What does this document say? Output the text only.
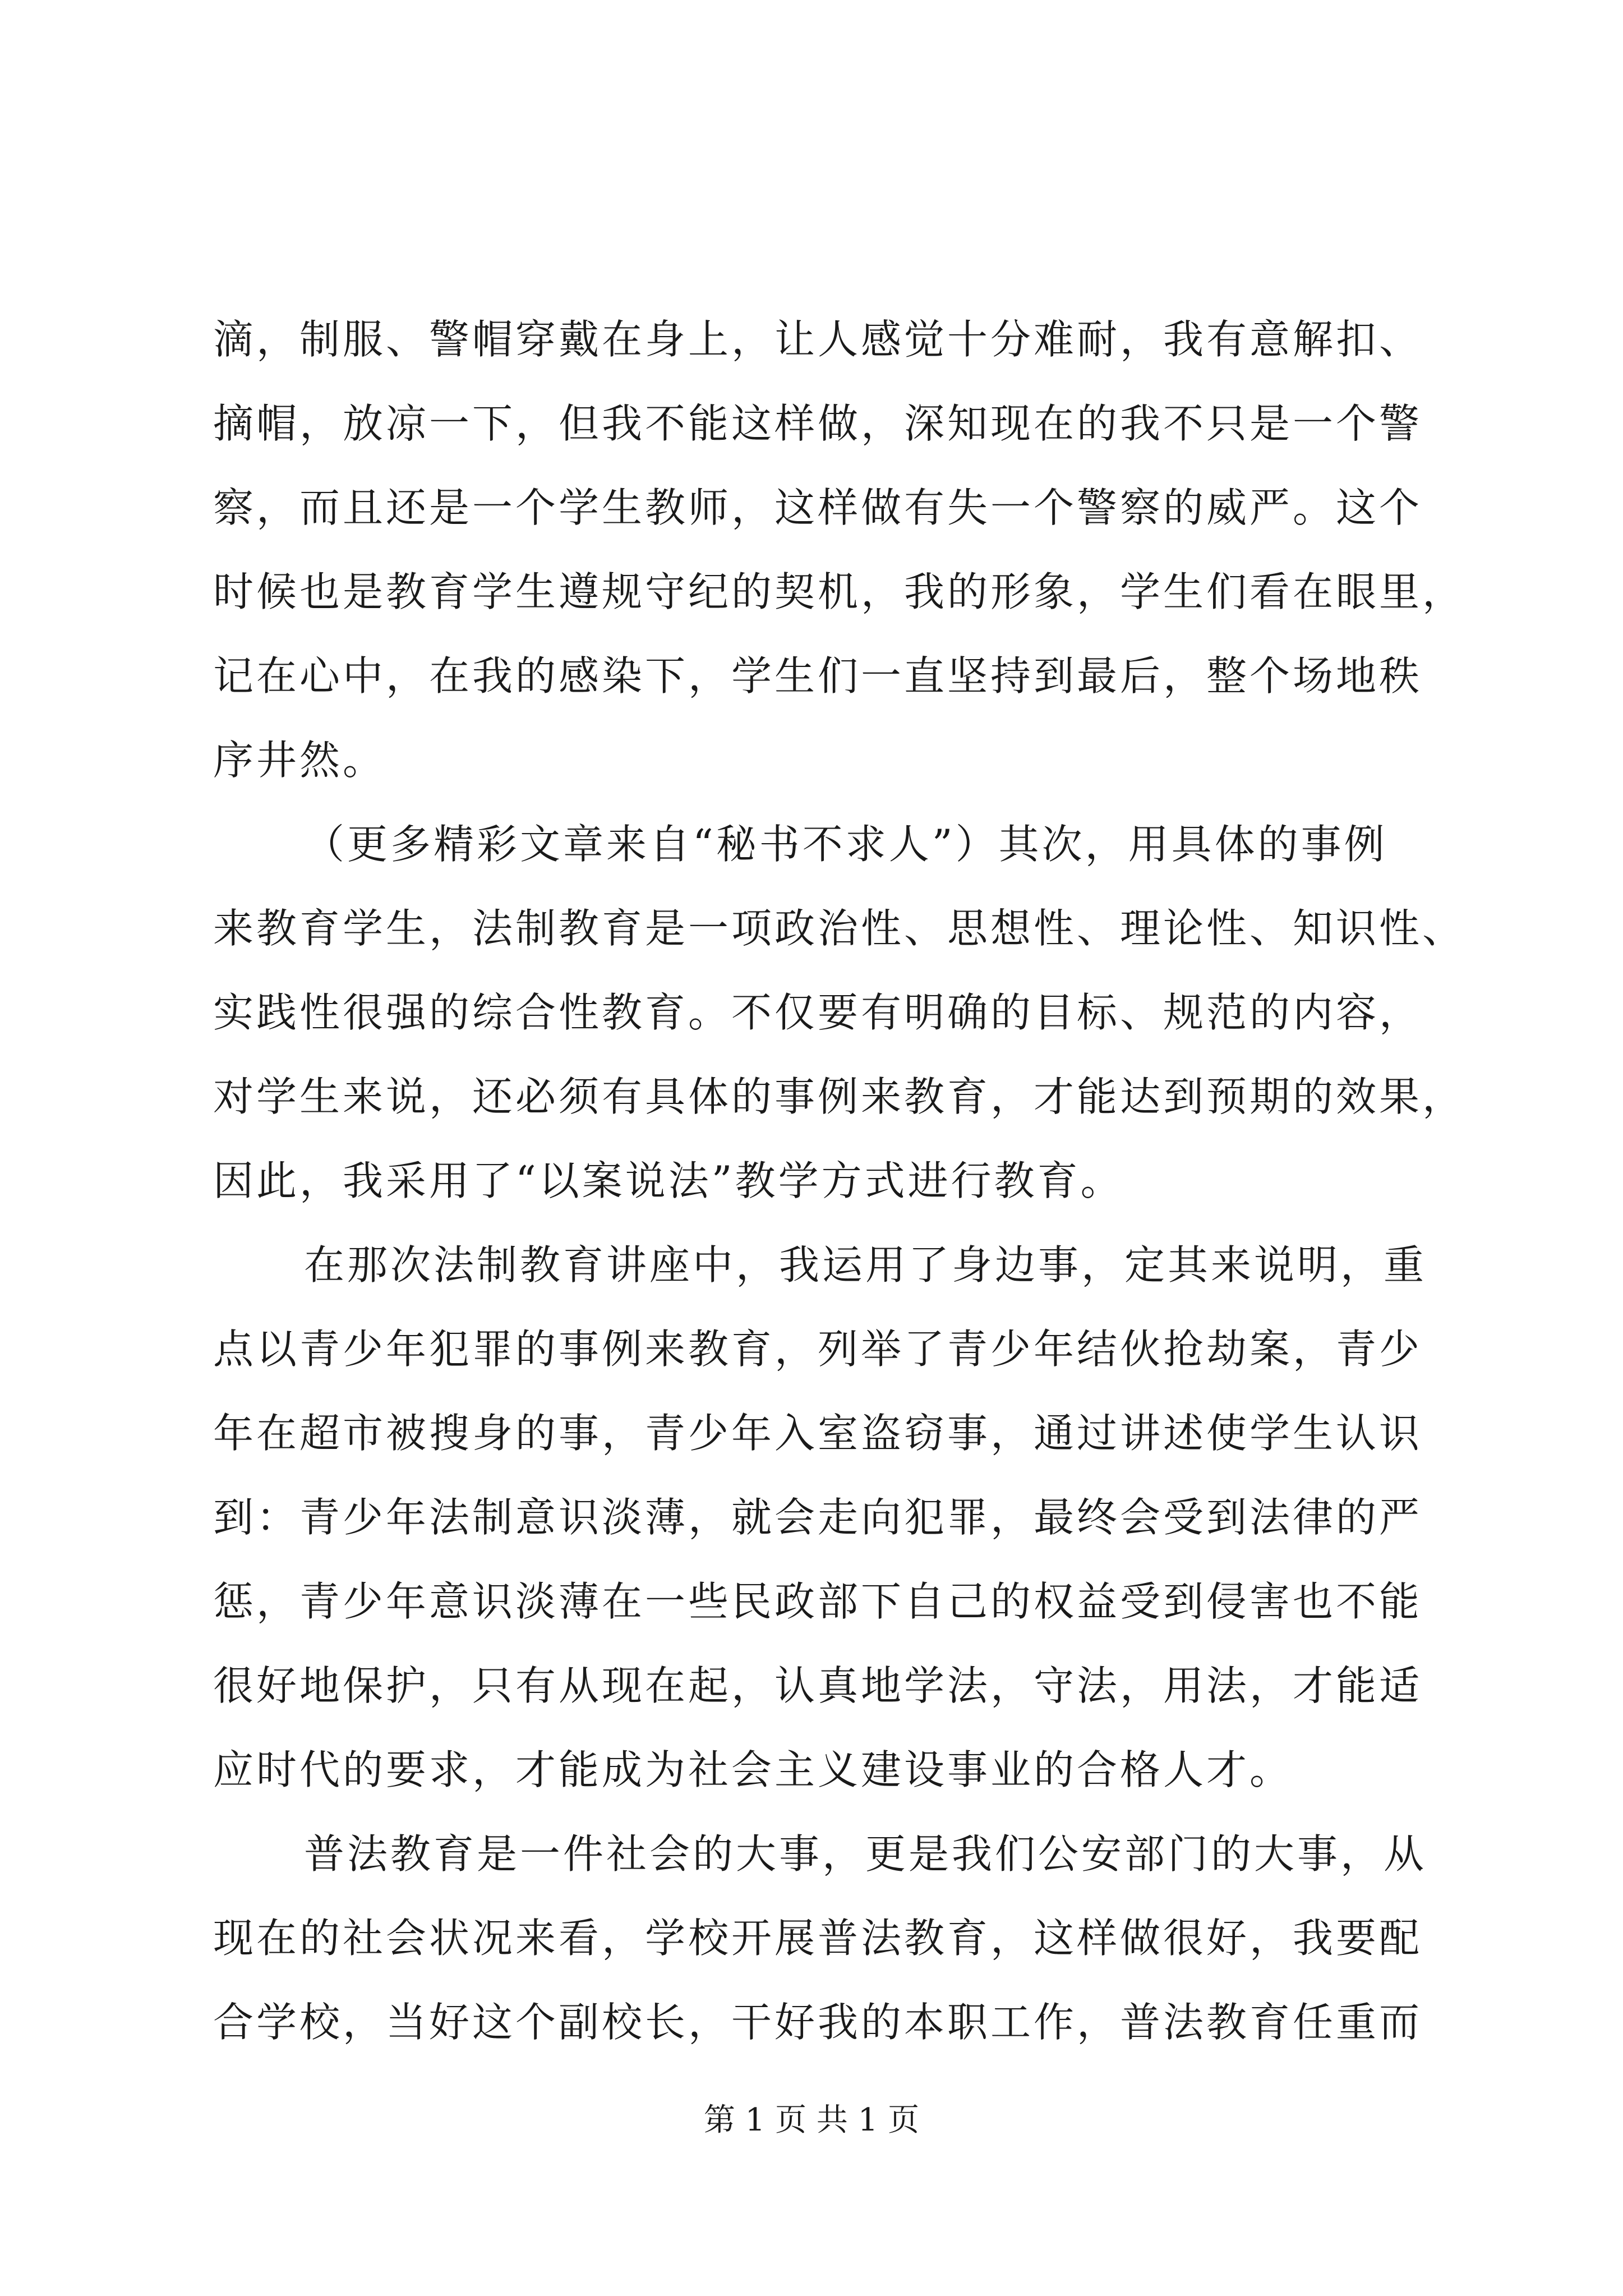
滴，制服、警帽穿戴在身上，让人感觉十分难耐，我有意解扣、
摘帽，放凉一下，但我不能这样做，深知现在的我不只是一个警
察，而且还是一个学生教师，这样做有失一个警察的威严。这个
时候也是教育学生遵规守纪的契机，我的形象，学生们看在眼里，
记在心中，在我的感染下，学生们一直坚持到最后，整个场地秩
序井然。
（更多精彩文章来自“秘书不求人”）其次，用具体的事例
来教育学生，法制教育是一项政治性、思想性、理论性、知识性、
实践性很强的综合性教育。不仅要有明确的目标、规范的内容，
对学生来说，还必须有具体的事例来教育，才能达到预期的效果，
因此，我采用了“以案说法”教学方式进行教育。
在那次法制教育讲座中，我运用了身边事，定其来说明，重
点以青少年犯罪的事例来教育，列举了青少年结伙抢劫案，青少
年在超市被搜身的事，青少年入室盗窃事，通过讲述使学生认识
到：青少年法制意识淡薄，就会走向犯罪，最终会受到法律的严
惩，青少年意识淡薄在一些民政部下自己的权益受到侵害也不能
很好地保护，只有从现在起，认真地学法，守法，用法，才能适
应时代的要求，才能成为社会主义建设事业的合格人才。
普法教育是一件社会的大事，更是我们公安部门的大事，从
现在的社会状况来看，学校开展普法教育，这样做很好，我要配
合学校，当好这个副校长，干好我的本职工作，普法教育任重而
第 1 页 共 1 页
